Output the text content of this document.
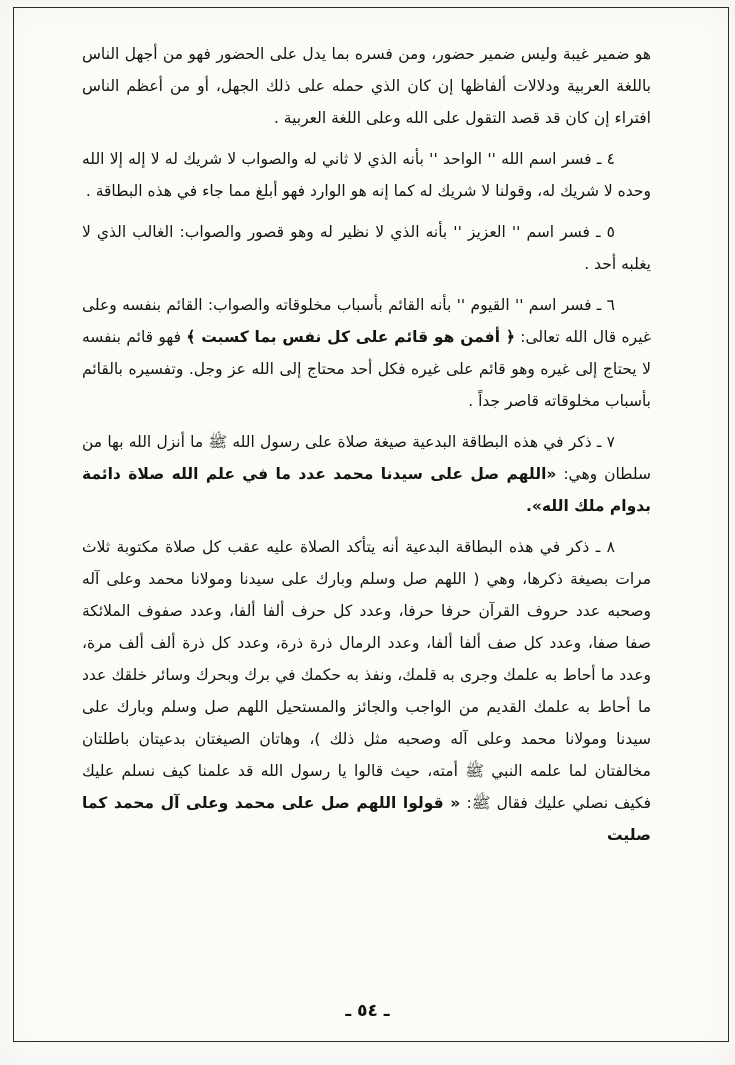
هو ضمير غيبة وليس ضمير حضور، ومن فسره بما يدل على الحضور فهو من أجهل الناس باللغة العربية ودلالات ألفاظها إن كان الذي حمله على ذلك الجهل، أو من أعظم الناس افتراء إن كان قد قصد التقول على الله وعلى اللغة العربية .

٤ ـ فسر اسم الله '' الواحد '' بأنه الذي لا ثاني له والصواب لا شريك له لا إله إلا الله وحده لا شريك له، وقولنا لا شريك له كما إنه هو الوارد فهو أبلغ مما جاء في هذه البطاقة .

٥ ـ فسر اسم '' العزيز '' بأنه الذي لا نظير له وهو قصور والصواب: الغالب الذي لا يغلبه أحد .

٦ ـ فسر اسم '' القيوم '' بأنه القائم بأسباب مخلوقاته والصواب: القائم بنفسه وعلى غيره قال الله تعالى: ﴿ أفمن هو قائم على كل نفس بما كسبت ﴾ فهو قائم بنفسه لا يحتاج إلى غيره وهو قائم على غيره فكل أحد محتاج إلى الله عز وجل. وتفسيره بالقائم بأسباب مخلوقاته قاصر جداً .

٧ ـ ذكر في هذه البطاقة البدعية صيغة صلاة على رسول الله ﷺ ما أنزل الله بها من سلطان وهي: «اللهم صل على سيدنا محمد عدد ما في علم الله صلاة دائمة بدوام ملك الله».

٨ ـ ذكر في هذه البطاقة البدعية أنه يتأكد الصلاة عليه عقب كل صلاة مكتوبة ثلاث مرات بصيغة ذكرها، وهي ( اللهم صل وسلم وبارك على سيدنا ومولانا محمد وعلى آله وصحبه عدد حروف القرآن حرفا حرفا، وعدد كل حرف ألفا ألفا، وعدد صفوف الملائكة صفا صفا، وعدد كل صف ألفا ألفا، وعدد الرمال ذرة ذرة، وعدد كل ذرة ألف ألف مرة، وعدد ما أحاط به علمك وجرى به قلمك، ونفذ به حكمك في برك وبحرك وسائر خلقك عدد ما أحاط به علمك القديم من الواجب والجائز والمستحيل اللهم صل وسلم وبارك على سيدنا ومولانا محمد وعلى آله وصحبه مثل ذلك )، وهاتان الصيغتان بدعيتان باطلتان مخالفتان لما علمه النبي ﷺ أمته، حيث قالوا يا رسول الله قد علمنا كيف نسلم عليك فكيف نصلي عليك فقال ﷺ: « قولوا اللهم صل على محمد وعلى آل محمد كما صليت

ـ ٥٤ ـ
